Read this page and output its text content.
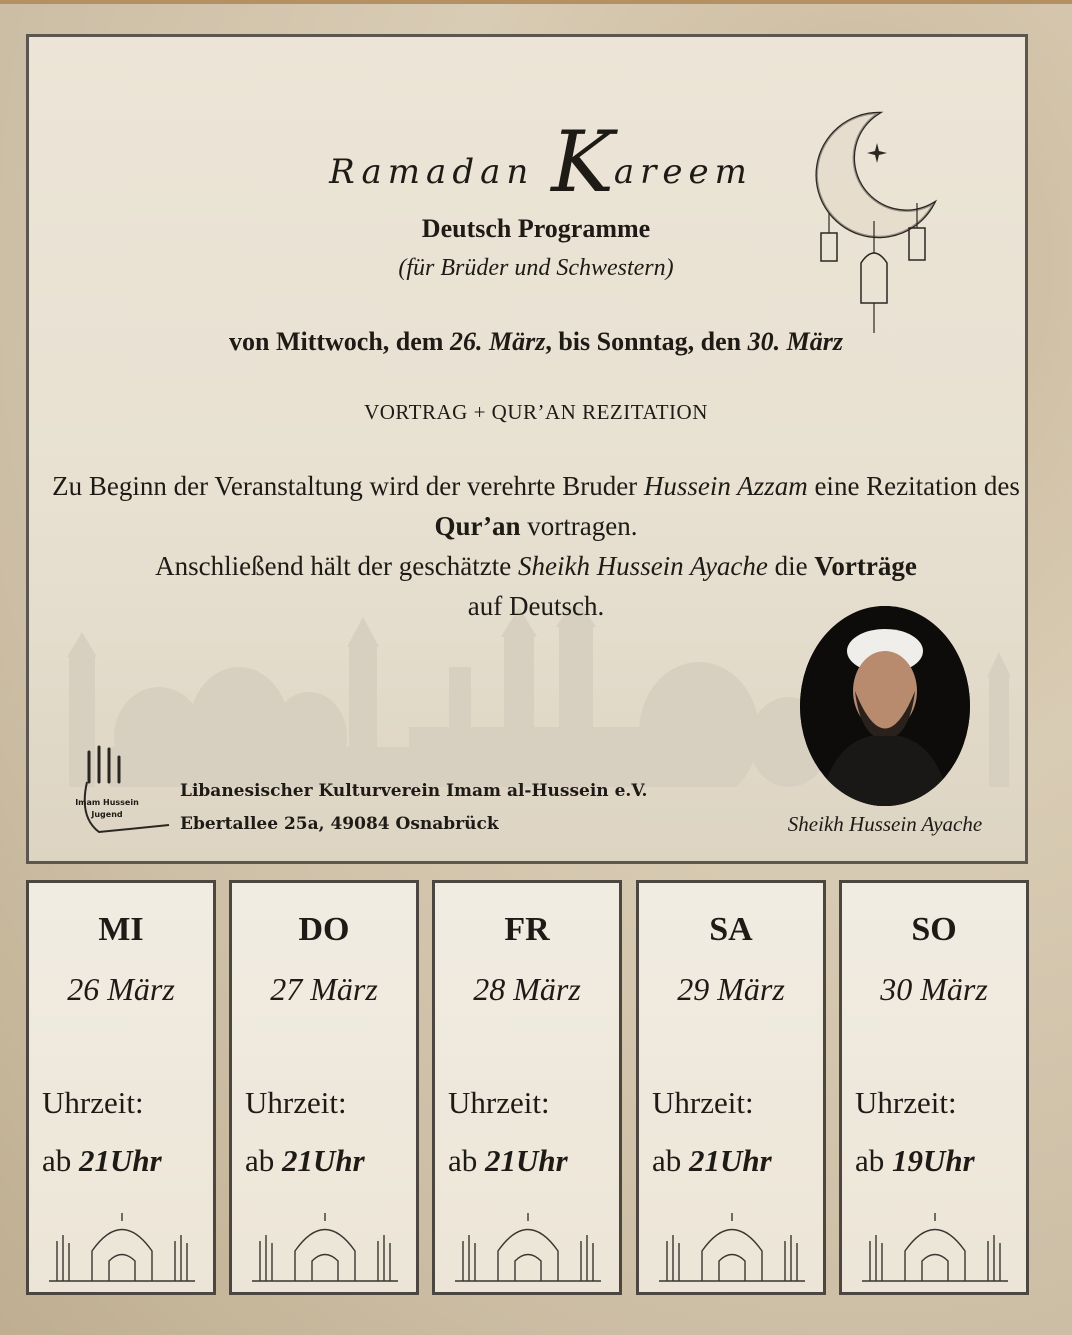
Ramadan Kareem
Deutsch Programme
(für Brüder und Schwestern)
von Mittwoch, dem 26. März, bis Sonntag, den 30. März
VORTRAG + QUR’AN REZITATION
Zu Beginn der Veranstaltung wird der verehrte Bruder Hussein Azzam eine Rezitation des Qur’an vortragen.
Anschließend hält der geschätzte Sheikh Hussein Ayache die Vorträge
auf Deutsch.
Imam Hussein
Jugend
Libanesischer Kulturverein Imam al-Hussein e.V.
Ebertallee 25a, 49084 Osnabrück	Sheikh Hussein Ayache
MI
26 März
Uhrzeit:
ab 21Uhr
DO
27 März
Uhrzeit:
ab 21Uhr
FR
28 März
Uhrzeit:
ab 21Uhr
SA
29 März
Uhrzeit:
ab 21Uhr
SO
30 März
Uhrzeit:
ab 19Uhr
